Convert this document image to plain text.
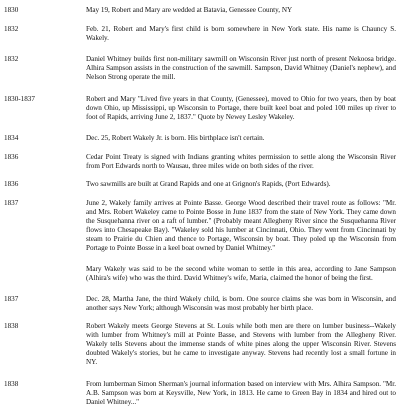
1830	May 19, Robert and Mary are wedded at Batavia, Genessee County, NY

1832	Feb. 21, Robert and Mary's first child is born somewhere in New York state. His name is Chauncy S. Wakely.

1832	Daniel Whitney builds first non-military sawmill on Wisconsin River just north of present Nekoosa bridge. Alhira Sampson assists in the construction of the sawmill. Sampson, David Whitney (Daniel's nephew), and Nelson Strong operate the mill.

1830-1837	Robert and Mary "Lived five years in that County, (Genessee), moved to Ohio for two years, then by boat down Ohio, up Mississippi, up Wisconsin to Portage, there built keel boat and poled 100 miles up river to foot of Rapids, arriving June 2, 1837." Quote by Newey Lesley Wakeley.

1834	Dec. 25, Robert Wakely Jr. is born. His birthplace isn't certain.

1836	Cedar Point Treaty is signed with Indians granting whites permission to settle along the Wisconsin River from Port Edwards north to Wausau, three miles wide on both sides of the river.

1836	Two sawmills are built at Grand Rapids and one at Grignon's Rapids, (Port Edwards).

1837	June 2, Wakely family arrives at Pointe Basse. George Wood described their travel route as follows: "Mr. and Mrs. Robert Wakeley came to Pointe Bosse in June 1837 from the state of New York. They came down the Susquehanna river on a raft of lumber." (Probably meant Allegheny River since the Susquehanna River flows into Chesapeake Bay). "Wakeley sold his lumber at Cincinnati, Ohio. They went from Cincinnati by steam to Prairie du Chien and thence to Portage, Wisconsin by boat. They poled up the Wisconsin from Portage to Pointe Bosse in a keel boat owned by Daniel Whitney."

Mary Wakely was said to be the second white woman to settle in this area, according to Jane Sampson (Alhira's wife) who was the third. David Whitney's wife, Maria, claimed the honor of being the first.

1837	Dec. 28, Martha Jane, the third Wakely child, is born. One source claims she was born in Wisconsin, and another says New York; although Wisconsin was most probably her birth place.

1838	Robert Wakely meets George Stevens at St. Louis while both men are there on lumber business--Wakely with lumber from Whitney's mill at Pointe Basse, and Stevens with lumber from the Allegheny River. Wakely tells Stevens about the immense stands of white pines along the upper Wisconsin River. Stevens doubted Wakely's stories, but he came to investigate anyway. Stevens had recently lost a small fortune in NY.

1838	From lumberman Simon Sherman's journal information based on interview with Mrs. Alhira Sampson. "Mr. A.B. Sampson was born at Keysville, New York, in 1813. He came to Green Bay in 1834 and hired out to Daniel Whitney..."
